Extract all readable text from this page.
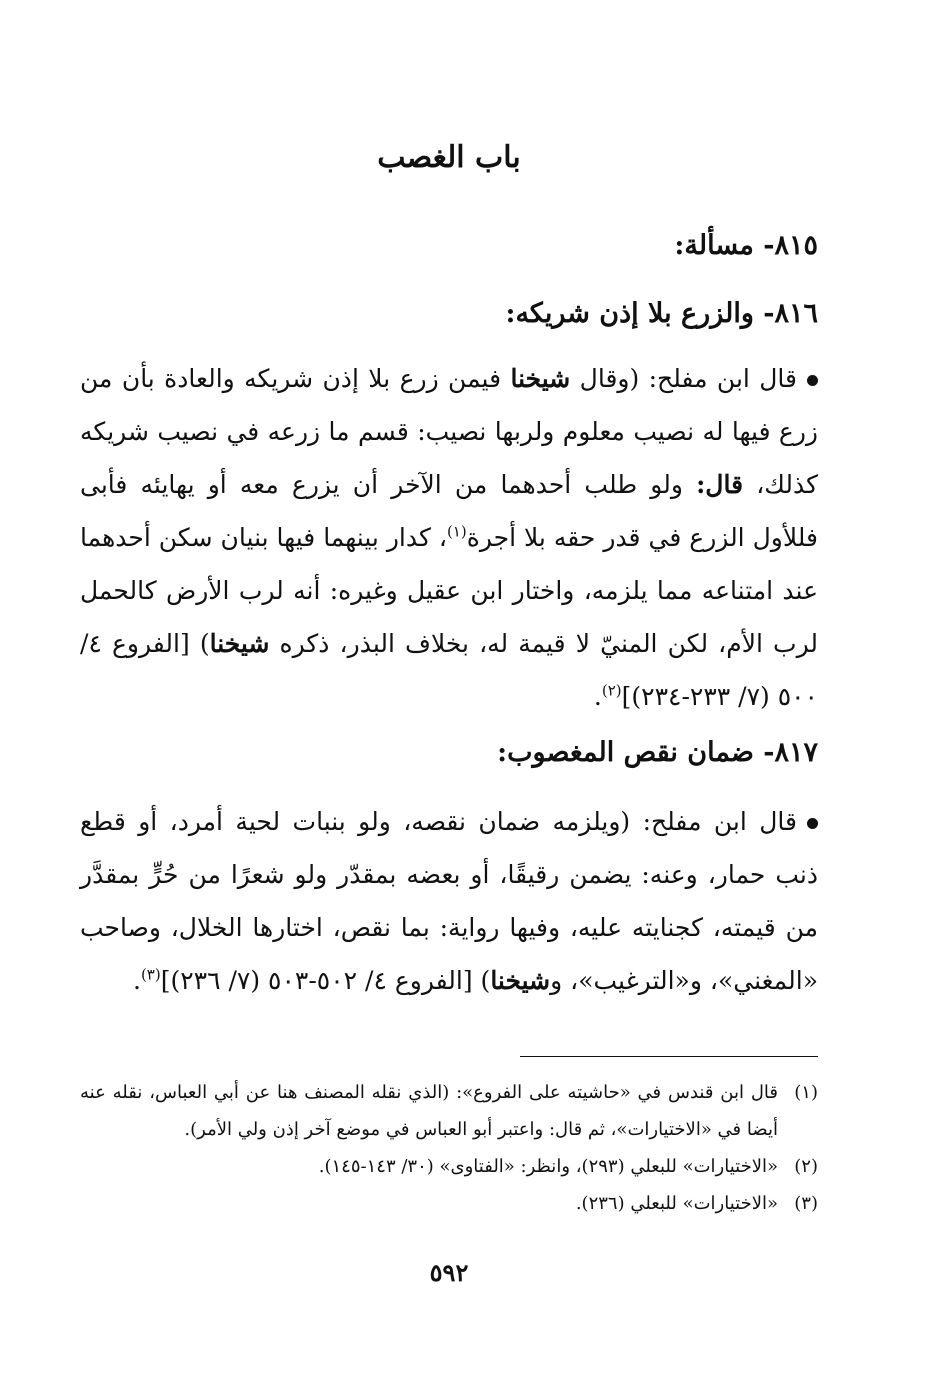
باب الغصب
٨١٥- مسألة:
٨١٦- والزرع بلا إذن شريكه:
قال ابن مفلح: (وقال شيخنا فيمن زرع بلا إذن شريكه والعادة بأن من زرع فيها له نصيب معلوم ولربها نصيب: قسم ما زرعه في نصيب شريكه كذلك، قال: ولو طلب أحدهما من الآخر أن يزرع معه أو يهايئه فأبى فللأول الزرع في قدر حقه بلا أجرة$^{(١)}$، كدار بينهما فيها بنيان سكن أحدهما عند امتناعه مما يلزمه، واختار ابن عقيل وغيره: أنه لرب الأرض كالحمل لرب الأم، لكن المنيّ لا قيمة له، بخلاف البذر، ذكره شيخنا) [الفروع ٤/ ٥٠٠ (٧/ ٢٣٣-٢٣٤)]$^{(٢)}$.
٨١٧- ضمان نقص المغصوب:
قال ابن مفلح: (ويلزمه ضمان نقصه، ولو بنبات لحية أمرد، أو قطع ذنب حمار، وعنه: يضمن رقيقًا، أو بعضه بمقدّر ولو شعرًا من حُرٍّ بمقدَّر من قيمته، كجنايته عليه، وفيها رواية: بما نقص، اختارها الخلال، وصاحب «المغني»، و«الترغيب»، وشيخنا) [الفروع ٤/ ٥٠٢-٥٠٣ (٧/ ٢٣٦)]$^{(٣)}$.
(١)
قال ابن قندس في «حاشيته على الفروع»: (الذي نقله المصنف هنا عن أبي العباس، نقله عنه أيضا في «الاختيارات»، ثم قال: واعتبر أبو العباس في موضع آخر إذن ولي الأمر).
(٢)
«الاختيارات» للبعلي (٢٩٣)، وانظر: «الفتاوى» (٣٠/ ١٤٣-١٤٥).
(٣)
«الاختيارات» للبعلي (٢٣٦).
٥٩٢
